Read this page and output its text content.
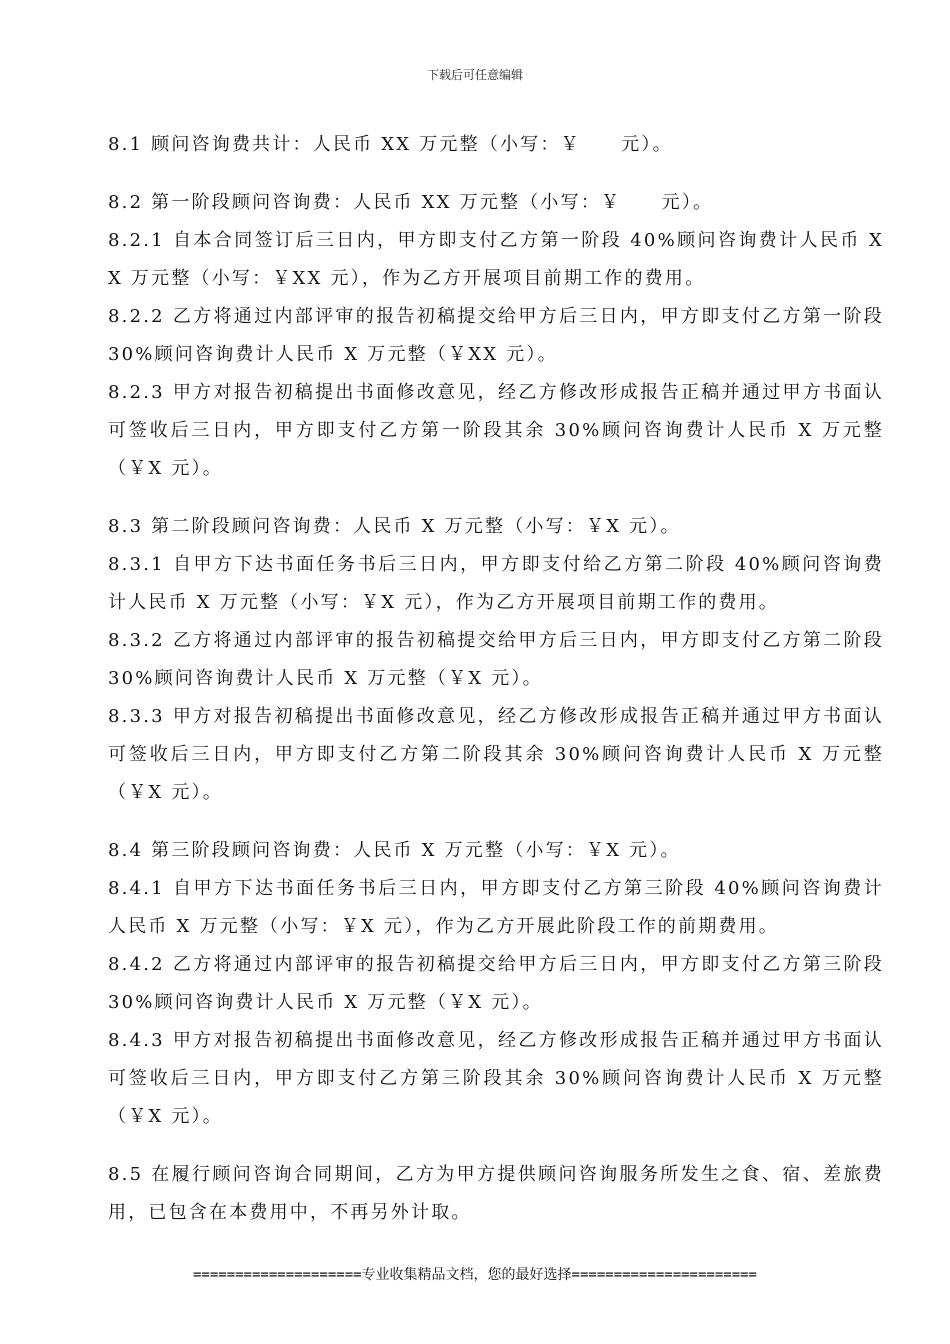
下载后可任意编辑

8.1 顾问咨询费共计：人民币 XX 万元整（小写：￥　　元）。

8.2 第一阶段顾问咨询费：人民币 XX 万元整（小写：￥　　元）。

8.2.1 自本合同签订后三日内，甲方即支付乙方第一阶段 40%顾问咨询费计人民币 XX 万元整（小写：￥XX 元），作为乙方开展项目前期工作的费用。

8.2.2 乙方将通过内部评审的报告初稿提交给甲方后三日内，甲方即支付乙方第一阶段 30%顾问咨询费计人民币 X 万元整（￥XX 元）。

8.2.3 甲方对报告初稿提出书面修改意见，经乙方修改形成报告正稿并通过甲方书面认可签收后三日内，甲方即支付乙方第一阶段其余 30%顾问咨询费计人民币 X 万元整（￥X 元）。

8.3 第二阶段顾问咨询费：人民币 X 万元整（小写：￥X 元）。

8.3.1 自甲方下达书面任务书后三日内，甲方即支付给乙方第二阶段 40%顾问咨询费计人民币 X 万元整（小写：￥X 元），作为乙方开展项目前期工作的费用。

8.3.2 乙方将通过内部评审的报告初稿提交给甲方后三日内，甲方即支付乙方第二阶段 30%顾问咨询费计人民币 X 万元整（￥X 元）。

8.3.3 甲方对报告初稿提出书面修改意见，经乙方修改形成报告正稿并通过甲方书面认可签收后三日内，甲方即支付乙方第二阶段其余 30%顾问咨询费计人民币 X 万元整（￥X 元）。

8.4 第三阶段顾问咨询费：人民币 X 万元整（小写：￥X 元）。

8.4.1 自甲方下达书面任务书后三日内，甲方即支付乙方第三阶段 40%顾问咨询费计人民币 X 万元整（小写：￥X 元），作为乙方开展此阶段工作的前期费用。

8.4.2 乙方将通过内部评审的报告初稿提交给甲方后三日内，甲方即支付乙方第三阶段 30%顾问咨询费计人民币 X 万元整（￥X 元）。

8.4.3 甲方对报告初稿提出书面修改意见，经乙方修改形成报告正稿并通过甲方书面认可签收后三日内，甲方即支付乙方第三阶段其余 30%顾问咨询费计人民币 X 万元整（￥X 元）。

8.5 在履行顾问咨询合同期间，乙方为甲方提供顾问咨询服务所发生之食、宿、差旅费用，已包含在本费用中，不再另外计取。

====================专业收集精品文档，您的最好选择======================
